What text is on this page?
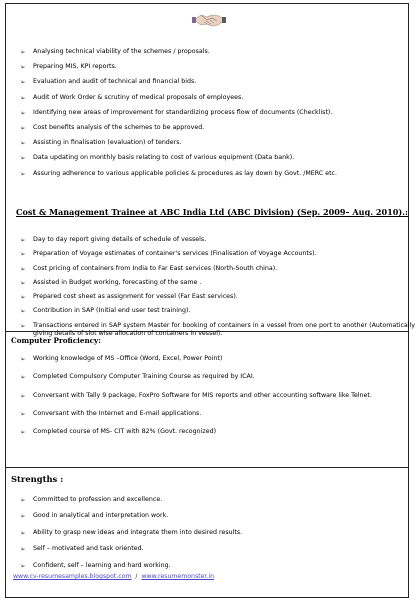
➢ Analysing technical viability of the schemes / proposals.
➢ Preparing MIS, KPI reports.
➢ Evaluation and audit of technical and financial bids.
➢ Audit of Work Order & scrutiny of medical proposals of employees.
➢ Identifying new areas of improvement for standardizing process flow of documents (Checklist).
➢ Cost benefits analysis of the schemes to be approved.
➢ Assisting in finalisation (evaluation) of tenders.
➢ Data updating on monthly basis relating to cost of various equipment (Data bank).
➢ Assuring adherence to various applicable policies & procedures as lay down by Govt. /MERC etc.
Cost & Management Trainee at ABC India Ltd (ABC Division) (Sep. 2009– Aug. 2010).:
➢ Day to day report giving details of schedule of vessels.
➢ Preparation of Voyage estimates of container's services (Finalisation of Voyage Accounts).
➢ Cost pricing of containers from India to Far East services (North-South china).
➢ Assisted in Budget working, forecasting of the same .
➢ Prepared cost sheet as assignment for vessel (Far East services).
➢ Contribution in SAP (Initial end user test training).
➢ Transactions entered in SAP system Master for booking of containers in a vessel from one port to another (Automatically giving details of slot wise allocation of containers in vessel).
Computer Proficiency:
➢ Working knowledge of MS –Office (Word, Excel, Power Point)
➢ Completed Compulsory Computer Training Course as required by ICAI.
➢ Conversant with Tally 9 package, FoxPro Software for MIS reports and other accounting software like Telnet.
➢ Conversant with the Internet and E-mail applications.
➢ Completed course of MS- CIT with 82% (Govt. recognized)
Strengths :
➢ Committed to profession and excellence.
➢ Good in analytical and interpretation work.
➢ Ability to grasp new ideas and integrate them into desired results.
➢ Self – motivated and task oriented.
➢ Confident, self – learning and hard working.
www.cv-resumesamples.blogspot.com  /  www.resumemonster.in
